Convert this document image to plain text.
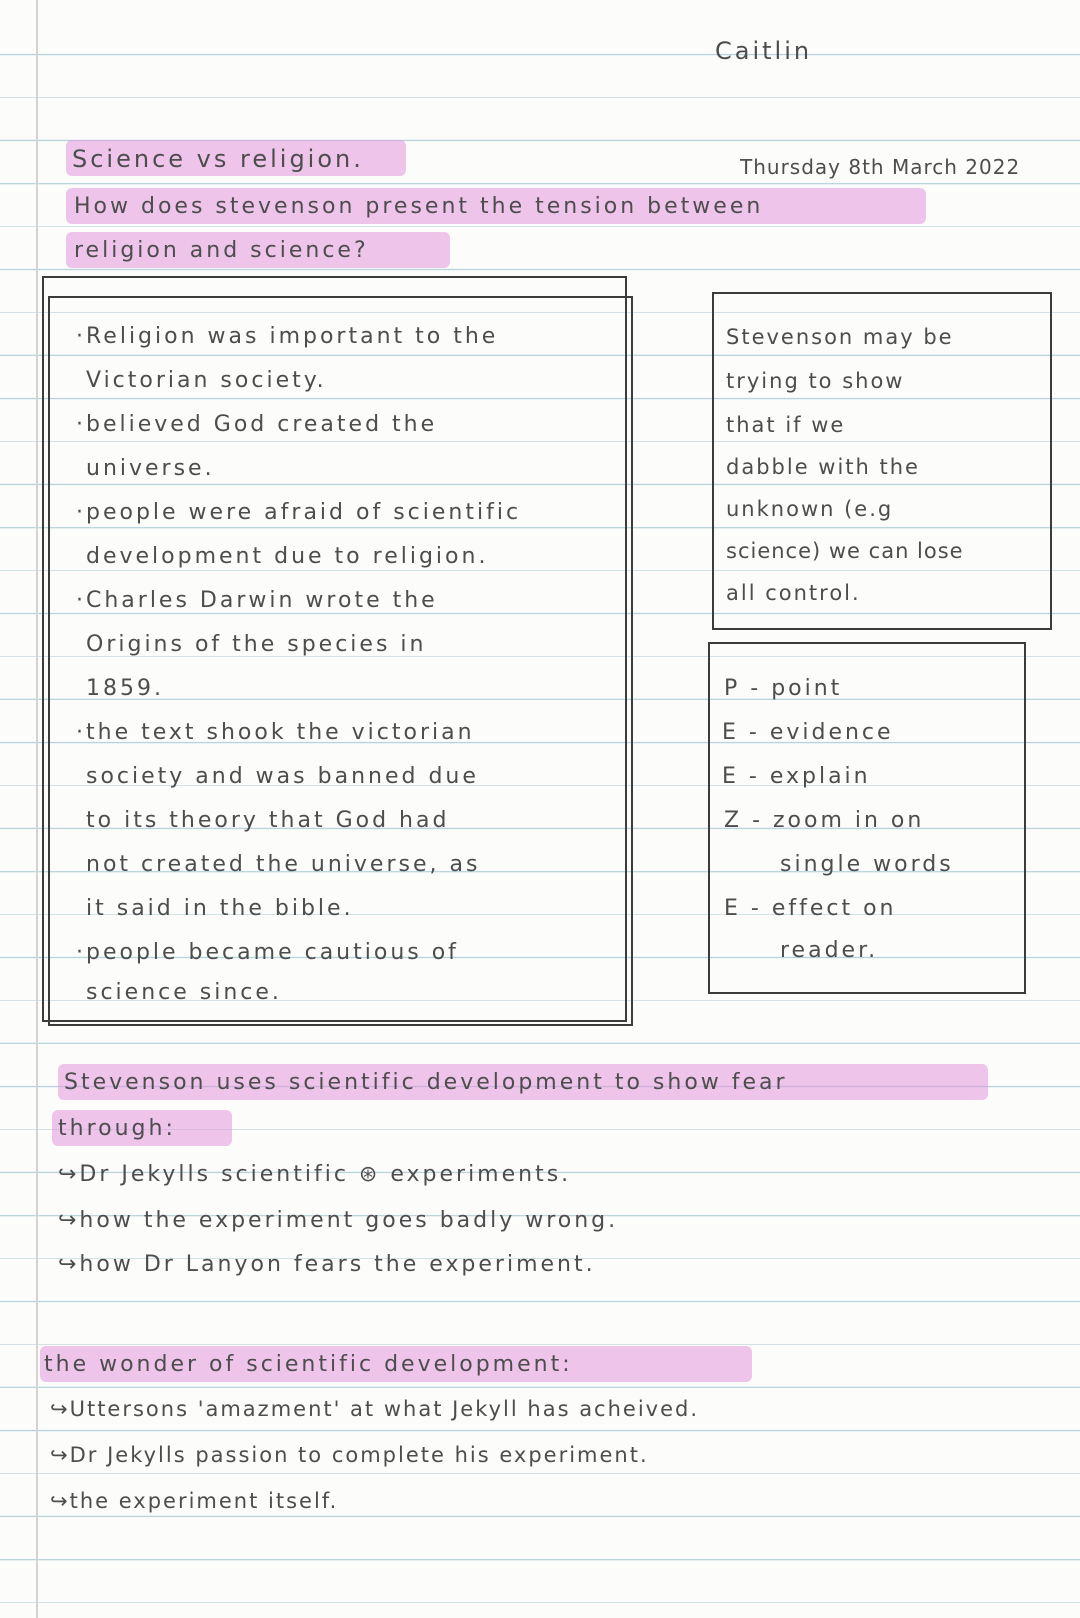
Caitlin
Science vs religion.	Thursday 8th March 2022
How does stevenson present the tension between
religion and science?
·Religion was important to the
Victorian society.
·believed God created the
universe.
·people were afraid of scientific
development due to religion.
·Charles Darwin wrote the
Origins of the species in
1859.
·the text shook the victorian
society and was banned due
to its theory that God had
not created the universe, as
it said in the bible.
·people became cautious of
science since.
Stevenson may be
trying to show
that if we
dabble with the
unknown (e.g
science) we can lose
all control.
P - point
E - evidence
E - explain
Z - zoom in on
single words
E - effect on
reader.
Stevenson uses scientific development to show fear
through:
↪Dr Jekylls scientific ⊛ experiments.
↪how the experiment goes badly wrong.
↪how Dr Lanyon fears the experiment.
the wonder of scientific development:
↪Uttersons 'amazment' at what Jekyll has acheived.
↪Dr Jekylls passion to complete his experiment.
↪the experiment itself.
